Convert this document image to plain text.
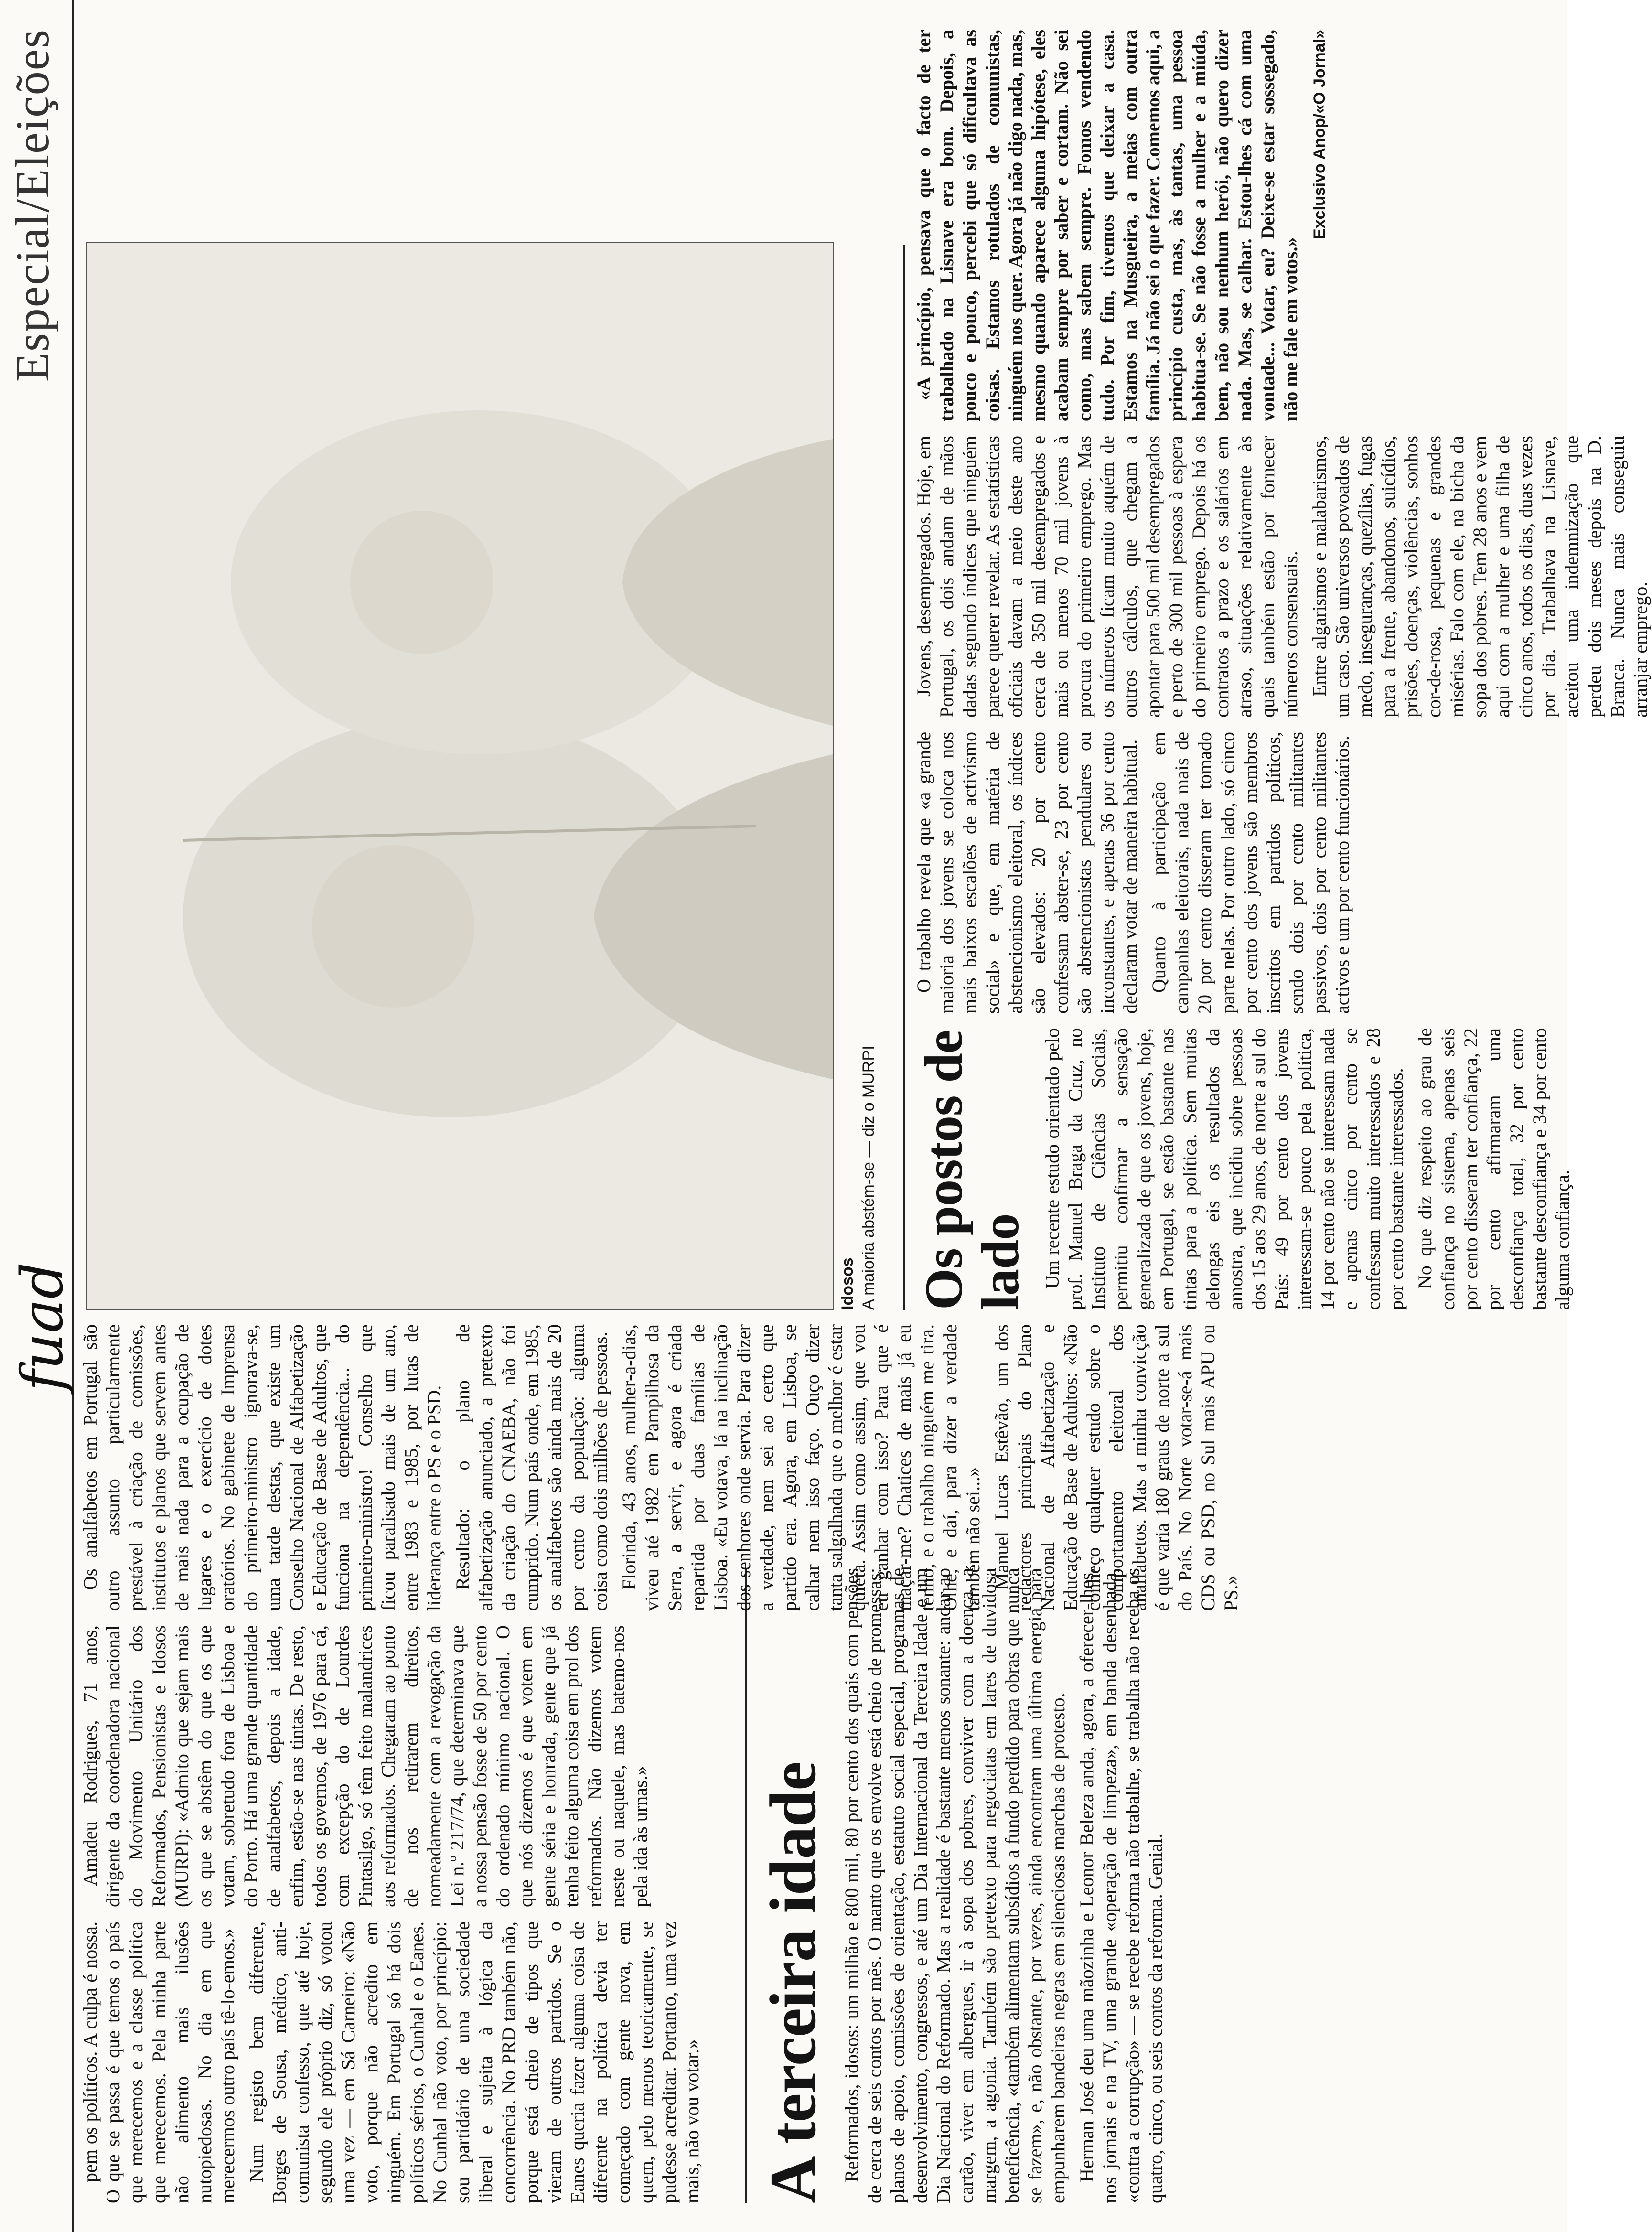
fuad
Especial/Eleições

pem os políticos. A culpa é nossa. O que se passa é que temos o país que merecemos e a classe política que merecemos. Pela minha parte não alimento mais ilusões nutopiedosas. No dia em que merecermos outro país tê-lo-emos.» Num registo bem diferente, Borges de Sousa, médico, anti-comunista confesso, que até hoje, segundo ele próprio diz, só votou uma vez — em Sá Carneiro: «Não voto, porque não acredito em ninguém. Em Portugal só há dois políticos sérios, o Cunhal e o Eanes. No Cunhal não voto, por princípio: sou partidário de uma sociedade liberal e sujeita à lógica da concorrência. No PRD também não, porque está cheio de tipos que vieram de outros partidos. Se o Eanes queria fazer alguma coisa de diferente na política devia ter começado com gente nova, em quem, pelo menos teoricamente, se pudesse acreditar. Portanto, uma vez mais, não vou votar.» A terceira idade Reformados, idosos: um milhão e 800 mil, 80 por cento dos quais com pensões de cerca de seis contos por mês. O manto que os envolve está cheio de promessas: planos de apoio, comissões de orientação, estatuto social especial, programas de desenvolvimento, congressos, e até um Dia Internacional da Terceira Idade e um Dia Nacional do Reformado. Mas a realidade é bastante menos sonante: andar ao cartão, viver em albergues, ir à sopa dos pobres, conviver com a doença, a margem, a agonia. Também são pretexto para negociatas em lares de duvidosa beneficência, «também alimentam subsídios a fundo perdido para obras que nunca se fazem», e, não obstante, por vezes, ainda encontram uma última energia para empunharem bandeiras negras em silenciosas marchas de protesto. Herman José deu uma mãozinha e Leonor Beleza anda, agora, a oferecer-lhes, nos jornais e na TV, uma grande «operação de limpeza», em banda desenhada, «contra a corrupção» — se recebe reforma não trabalhe, se trabalha não receba os quatro, cinco, ou seis contos da reforma. Genial.

Amadeu Rodrigues, 71 anos, dirigente da coordenadora nacional do Movimento Unitário dos Reformados, Pensionistas e Idosos (MURPI): «Admito que sejam mais os que se abstêm do que os que votam, sobretudo fora de Lisboa e do Porto. Há uma grande quantidade de analfabetos, depois a idade, enfim, estão-se nas tintas. De resto, todos os governos, de 1976 para cá, com excepção do de Lourdes Pintasilgo, só têm feito malandrices aos reformados. Chegaram ao ponto de nos retirarem direitos, nomeadamente com a revogação da Lei n.º 217/74, que determinava que a nossa pensão fosse de 50 por cento do ordenado mínimo nacional. O que nós dizemos é que votem em gente séria e honrada, gente que já tenha feito alguma coisa em prol dos reformados. Não dizemos votem neste ou naquele, mas batemo-nos pela ida às urnas.»

Os analfabetos em Portugal são outro assunto particularmente prestável à criação de comissões, institutos e planos que servem antes de mais nada para a ocupação de lugares e o exercício de dotes oratórios. No gabinete de Imprensa do primeiro-ministro ignorava-se, uma tarde destas, que existe um Conselho Nacional de Alfabetização e Educação de Base de Adultos, que funciona na dependência... do primeiro-ministro! Conselho que ficou paralisado mais de um ano, entre 1983 e 1985, por lutas de liderança entre o PS e o PSD. Resultado: o plano de alfabetização anunciado, a pretexto da criação do CNAEBA, não foi cumprido. Num país onde, em 1985, os analfabetos são ainda mais de 20 por cento da população: alguma coisa como dois milhões de pessoas. Florinda, 43 anos, mulher-a-dias, viveu até 1982 em Pampilhosa da Serra, a servir, e agora é criada repartida por duas famílias de Lisboa. «Eu votava, lá na inclinação dos senhores onde servia. Para dizer a verdade, nem sei ao certo que partido era. Agora, em Lisboa, se calhar nem isso faço. Ouço dizer tanta salgalhada que o melhor é estar quieta. Assim como assim, que vou eu ganhar com isso? Para que é maçar-me? Chatices de mais já eu tenho, e o trabalho ninguém me tira. Olhe, e daí, para dizer a verdade também não sei...» Manuel Lucas Estêvão, um dos redactores principais do Plano Nacional de Alfabetização e Educação de Base de Adultos: «Não conheço qualquer estudo sobre o comportamento eleitoral dos analfabetos. Mas a minha convicção é que varia 180 graus de norte a sul do País. No Norte votar-se-á mais CDS ou PSD, no Sul mais APU ou PS.»

Idosos A maioria abstém-se — diz o MURPI Os postos de lado Um recente estudo orientado pelo prof. Manuel Braga da Cruz, no Instituto de Ciências Sociais, permitiu confirmar a sensação generalizada de que os jovens, hoje, em Portugal, se estão bastante nas tintas para a política. Sem muitas delongas eis os resultados da amostra, que incidiu sobre pessoas dos 15 aos 29 anos, de norte a sul do País: 49 por cento dos jovens interessam-se pouco pela política, 14 por cento não se interessam nada e apenas cinco por cento se confessam muito interessados e 28 por cento bastante interessados. No que diz respeito ao grau de confiança no sistema, apenas seis por cento disseram ter confiança, 22 por cento afirmaram uma desconfiança total, 32 por cento bastante desconfiança e 34 por cento alguma confiança.

O trabalho revela que «a grande maioria dos jovens se coloca nos mais baixos escalões de activismo social» e que, em matéria de abstencionismo eleitoral, os índices são elevados: 20 por cento confessam abster-se, 23 por cento são abstencionistas pendulares ou inconstantes, e apenas 36 por cento declaram votar de maneira habitual. Quanto à participação em campanhas eleitorais, nada mais de 20 por cento disseram ter tomado parte nelas. Por outro lado, só cinco por cento dos jovens são membros inscritos em partidos políticos, sendo dois por cento militantes passivos, dois por cento militantes activos e um por cento funcionários.

Jovens, desempregados. Hoje, em Portugal, os dois andam de mãos dadas segundo índices que ninguém parece querer revelar. As estatísticas oficiais davam a meio deste ano cerca de 350 mil desempregados e mais ou menos 70 mil jovens à procura do primeiro emprego. Mas os números ficam muito aquém de outros cálculos, que chegam a apontar para 500 mil desempregados e perto de 300 mil pessoas à espera do primeiro emprego. Depois há os contratos a prazo e os salários em atraso, situações relativamente às quais também estão por fornecer números consensuais. Entre algarismos e malabarismos, um caso. São universos povoados de medo, inseguranças, quezílias, fugas para a frente, abandonos, suicídios, prisões, doenças, violências, sonhos cor-de-rosa, pequenas e grandes misérias. Falo com ele, na bicha da sopa dos pobres. Tem 28 anos e vem aqui com a mulher e uma filha de cinco anos, todos os dias, duas vezes por dia. Trabalhava na Lisnave, aceitou uma indemnização que perdeu dois meses depois na D. Branca. Nunca mais conseguiu arranjar emprego.

«A princípio, pensava que o facto de ter trabalhado na Lisnave era bom. Depois, a pouco e pouco, percebi que só dificultava as coisas. Estamos rotulados de comunistas, ninguém nos quer. Agora já não digo nada, mas, mesmo quando aparece alguma hipótese, eles acabam sempre por saber e cortam. Não sei como, mas sabem sempre. Fomos vendendo tudo. Por fim, tivemos que deixar a casa. Estamos na Musgueira, a meias com outra família. Já não sei o que fazer. Comemos aqui, a princípio custa, mas, às tantas, uma pessoa habitua-se. Se não fosse a mulher e a miúda, bem, não sou nenhum herói, não quero dizer nada. Mas, se calhar. Estou-lhes cá com uma vontade... Votar, eu? Deixe-se estar sossegado, não me fale em votos.»

Exclusivo Anop/«O Jornal»
